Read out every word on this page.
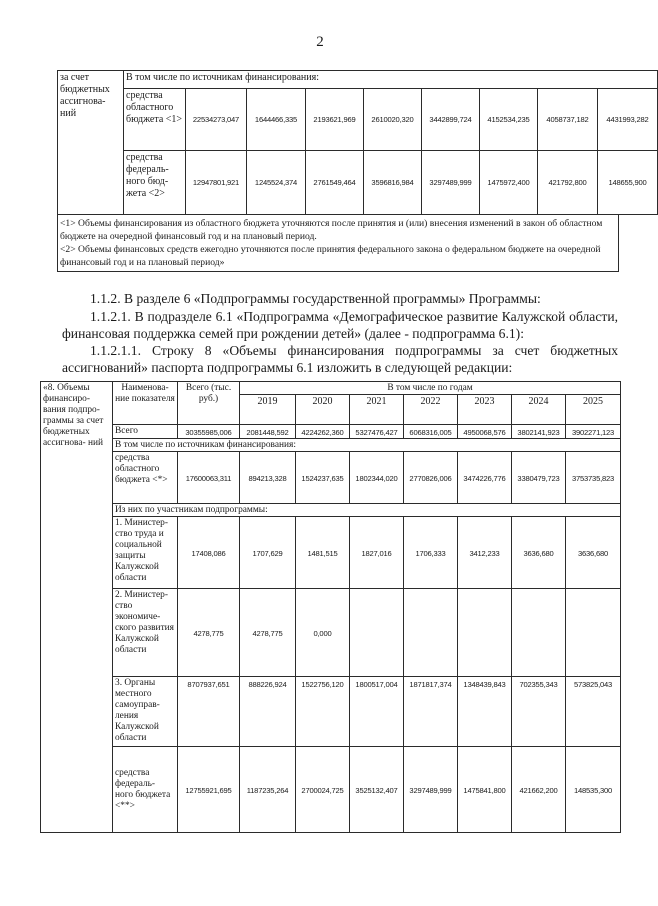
2
за счет бюджетных ассигнова- ний	В том числе по источникам финансирования:								
	средства областного бюджета <1>	22534273,047	1644466,335	2193621,969	2610020,320	3442899,724	4152534,235	4058737,182	4431993,282
	средства федераль- ного бюд- жета <2>	12947801,921	1245524,374	2761549,464	3596816,984	3297489,999	1475972,400	421792,800	148655,900
<1> Объемы финансирования из областного бюджета уточняются после принятия и (или) внесения изменений в закон об областном бюджете на очередной финансовый год и на плановый период.
<2> Объемы финансовых средств ежегодно уточняются после принятия федерального закона о федеральном бюджете на очередной финансовый год и на плановый период»
1.1.2. В разделе 6 «Подпрограммы государственной программы» Программы:
1.1.2.1. В подразделе 6.1 «Подпрограмма «Демографическое развитие Калужской области, финансовая поддержка семей при рождении детей» (далее - подпрограмма 6.1):
1.1.2.1.1. Строку 8 «Объемы финансирования подпрограммы за счет бюджетных ассигнований» паспорта подпрограммы 6.1 изложить в следующей редакции:
«8. Объемы финансиро- вания подпро- граммы за счет бюджетных ассигнова- ний	Наименова- ние показателя	Всего (тыс. руб.)	В том числе по годам						
			2019	2020	2021	2022	2023	2024	2025
	Всего	30355985,006	2081448,592	4224262,360	5327476,427	6068316,005	4950068,576	3802141,923	3902271,123
	В том числе по источникам финансирования:								
	средства областного бюджета <*>	17600063,311	894213,328	1524237,635	1802344,020	2770826,006	3474226,776	3380479,723	3753735,823
	Из них по участникам подпрограммы:								
	1. Министер- ство труда и социальной защиты Калужской области	17408,086	1707,629	1481,515	1827,016	1706,333	3412,233	3636,680	3636,680
	2. Министер- ство экономиче- ского развития Калужской области	4278,775	4278,775	0,000					
	3. Органы местного самоуправ- ления Калужской области	8707937,651	888226,924	1522756,120	1800517,004	1871817,374	1348439,843	702355,343	573825,043
	средства федераль- ного бюджета <**>	12755921,695	1187235,264	2700024,725	3525132,407	3297489,999	1475841,800	421662,200	148535,300
